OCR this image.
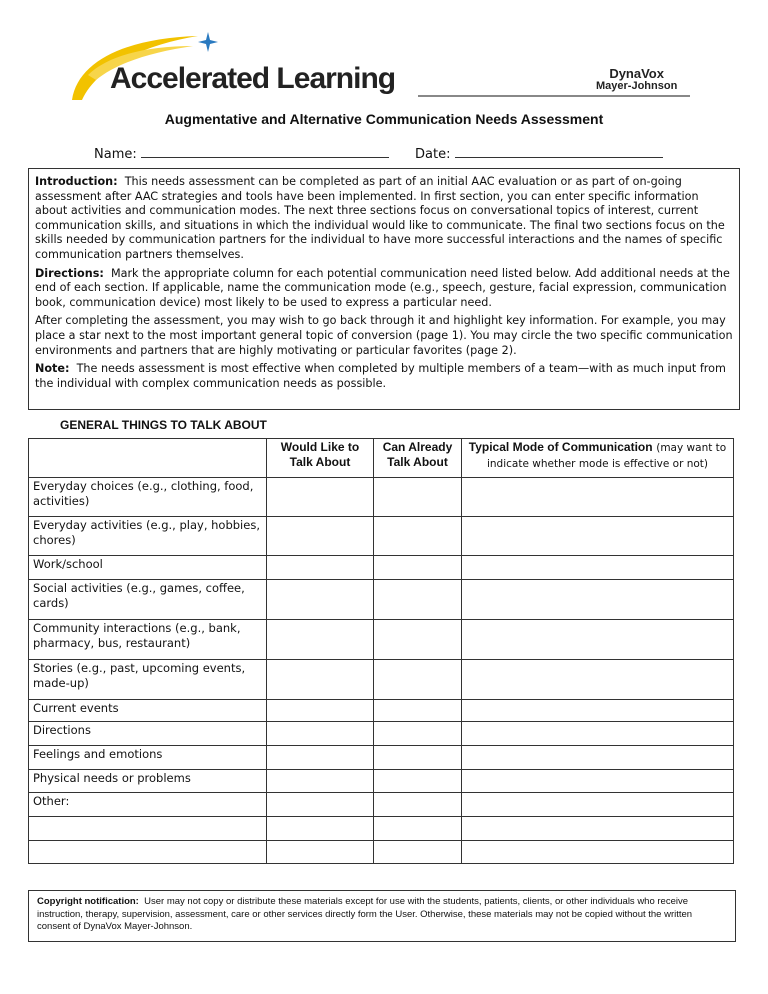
Accelerated Learning	DynaVox
Mayer-Johnson
Augmentative and Alternative Communication Needs Assessment
Name:	Date:

Introduction: This needs assessment can be completed as part of an initial AAC evaluation or as part of on-going assessment after AAC strategies and tools have been implemented. In first section, you can enter specific information about activities and communication modes. The next three sections focus on conversational topics of interest, current communication skills, and situations in which the individual would like to communicate. The final two sections focus on the skills needed by communication partners for the individual to have more successful interactions and the names of specific communication partners themselves.

Directions: Mark the appropriate column for each potential communication need listed below. Add additional needs at the end of each section. If applicable, name the communication mode (e.g., speech, gesture, facial expression, communication book, communication device) most likely to be used to express a particular need.

After completing the assessment, you may wish to go back through it and highlight key information. For example, you may place a star next to the most important general topic of conversion (page 1). You may circle the two specific communication environments and partners that are highly motivating or particular favorites (page 2).

Note: The needs assessment is most effective when completed by multiple members of a team—with as much input from the individual with complex communication needs as possible.

GENERAL THINGS TO TALK ABOUT
	Would Like to Talk About	Can Already Talk About	Typical Mode of Communication (may want to indicate whether mode is effective or not)
Everyday choices (e.g., clothing, food, activities)			
Everyday activities (e.g., play, hobbies, chores)			
Work/school			
Social activities (e.g., games, coffee, cards)			
Community interactions (e.g., bank, pharmacy, bus, restaurant)			
Stories (e.g., past, upcoming events, made-up)			
Current events			
Directions			
Feelings and emotions			
Physical needs or problems			
Other:			

Copyright notification: User may not copy or distribute these materials except for use with the students, patients, clients, or other individuals who receive instruction, therapy, supervision, assessment, care or other services directly form the User. Otherwise, these materials may not be copied without the written consent of DynaVox Mayer-Johnson.
